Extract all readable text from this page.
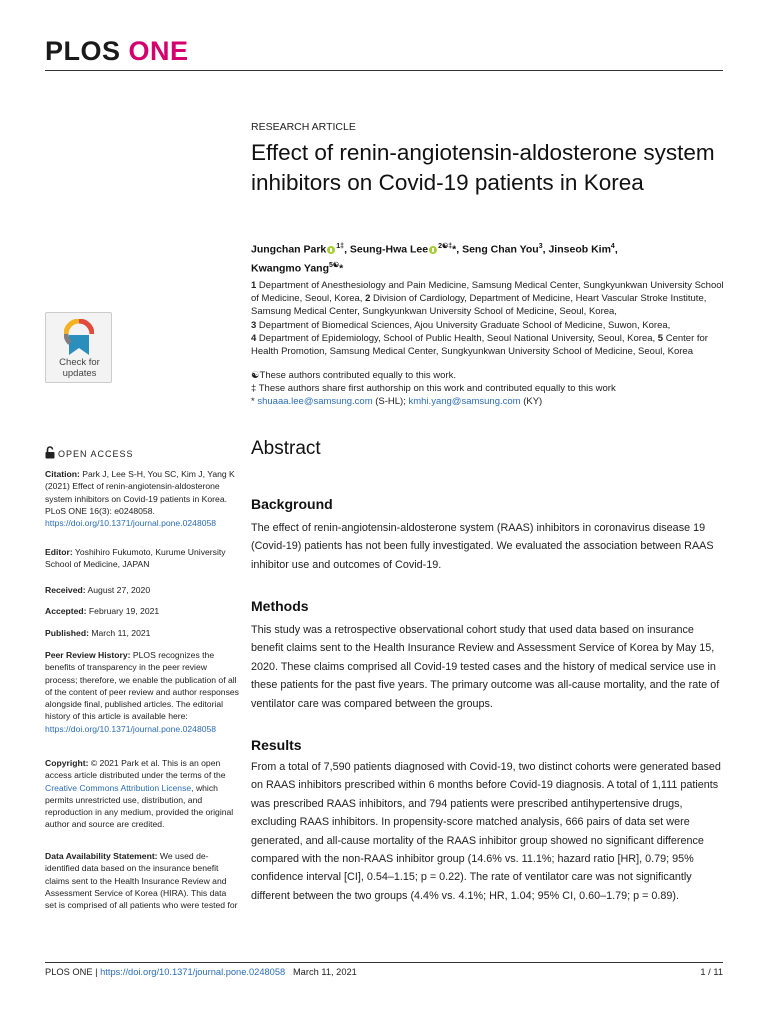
PLOS ONE
Check for
updates
RESEARCH ARTICLE
Effect of renin-angiotensin-aldosterone system inhibitors on Covid-19 patients in Korea
Jungchan Park $^{1\ddagger}$, Seung-Hwa Lee $^{2☯\ddagger}$*, Seng Chan You$^3$, Jinseob Kim$^4$,
Kwangmo Yang$^{5☯}$*
1 Department of Anesthesiology and Pain Medicine, Samsung Medical Center, Sungkyunkwan University School of Medicine, Seoul, Korea, 2 Division of Cardiology, Department of Medicine, Heart Vascular Stroke Institute, Samsung Medical Center, Sungkyunkwan University School of Medicine, Seoul, Korea,
3 Department of Biomedical Sciences, Ajou University Graduate School of Medicine, Suwon, Korea,
4 Department of Epidemiology, School of Public Health, Seoul National University, Seoul, Korea, 5 Center for Health Promotion, Samsung Medical Center, Sungkyunkwan University School of Medicine, Seoul, Korea
☯These authors contributed equally to this work.
‡ These authors share first authorship on this work and contributed equally to this work
* shuaaa.lee@samsung.com (S-HL); kmhi.yang@samsung.com (KY)
OPEN ACCESS
Citation: Park J, Lee S-H, You SC, Kim J, Yang K (2021) Effect of renin-angiotensin-aldosterone system inhibitors on Covid-19 patients in Korea. PLoS ONE 16(3): e0248058. https://doi.org/10.1371/journal.pone.0248058
Editor: Yoshihiro Fukumoto, Kurume University School of Medicine, JAPAN
Received: August 27, 2020
Accepted: February 19, 2021
Published: March 11, 2021
Peer Review History: PLOS recognizes the benefits of transparency in the peer review process; therefore, we enable the publication of all of the content of peer review and author responses alongside final, published articles. The editorial history of this article is available here: https://doi.org/10.1371/journal.pone.0248058
Copyright: © 2021 Park et al. This is an open access article distributed under the terms of the Creative Commons Attribution License, which permits unrestricted use, distribution, and reproduction in any medium, provided the original author and source are credited.
Data Availability Statement: We used de-identified data based on the insurance benefit claims sent to the Health Insurance Review and Assessment Service of Korea (HIRA). This data set is comprised of all patients who were tested for
Abstract
Background
The effect of renin-angiotensin-aldosterone system (RAAS) inhibitors in coronavirus disease 19 (Covid-19) patients has not been fully investigated. We evaluated the association between RAAS inhibitor use and outcomes of Covid-19.
Methods
This study was a retrospective observational cohort study that used data based on insurance benefit claims sent to the Health Insurance Review and Assessment Service of Korea by May 15, 2020. These claims comprised all Covid-19 tested cases and the history of medical service use in these patients for the past five years. The primary outcome was all-cause mortality, and the rate of ventilator care was compared between the groups.
Results
From a total of 7,590 patients diagnosed with Covid-19, two distinct cohorts were generated based on RAAS inhibitors prescribed within 6 months before Covid-19 diagnosis. A total of 1,111 patients was prescribed RAAS inhibitors, and 794 patients were prescribed antihypertensive drugs, excluding RAAS inhibitors. In propensity-score matched analysis, 666 pairs of data set were generated, and all-cause mortality of the RAAS inhibitor group showed no significant difference compared with the non-RAAS inhibitor group (14.6% vs. 11.1%; hazard ratio [HR], 0.79; 95% confidence interval [CI], 0.54–1.15; p = 0.22). The rate of ventilator care was not significantly different between the two groups (4.4% vs. 4.1%; HR, 1.04; 95% CI, 0.60–1.79; p = 0.89).
PLOS ONE | https://doi.org/10.1371/journal.pone.0248058 March 11, 2021	1 / 11
